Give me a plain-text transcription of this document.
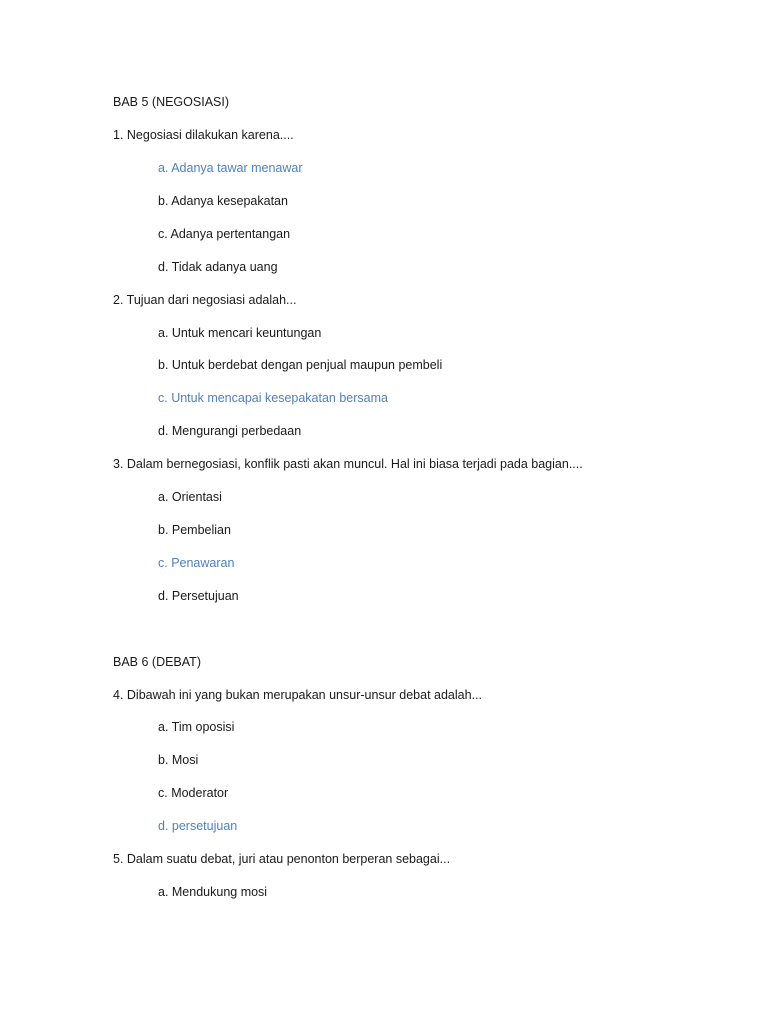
BAB 5 (NEGOSIASI)
1. Negosiasi dilakukan karena....
a. Adanya tawar menawar
b. Adanya kesepakatan
c. Adanya pertentangan
d. Tidak adanya uang
2. Tujuan dari negosiasi adalah...
a. Untuk mencari keuntungan
b. Untuk berdebat dengan penjual maupun pembeli
c. Untuk mencapai kesepakatan bersama
d. Mengurangi perbedaan
3. Dalam bernegosiasi, konflik pasti akan muncul. Hal ini biasa terjadi pada bagian....
a. Orientasi
b. Pembelian
c. Penawaran
d. Persetujuan
BAB 6 (DEBAT)
4. Dibawah ini yang bukan merupakan unsur-unsur debat adalah...
a. Tim oposisi
b. Mosi
c. Moderator
d. persetujuan
5. Dalam suatu debat, juri atau penonton berperan sebagai...
a. Mendukung mosi
